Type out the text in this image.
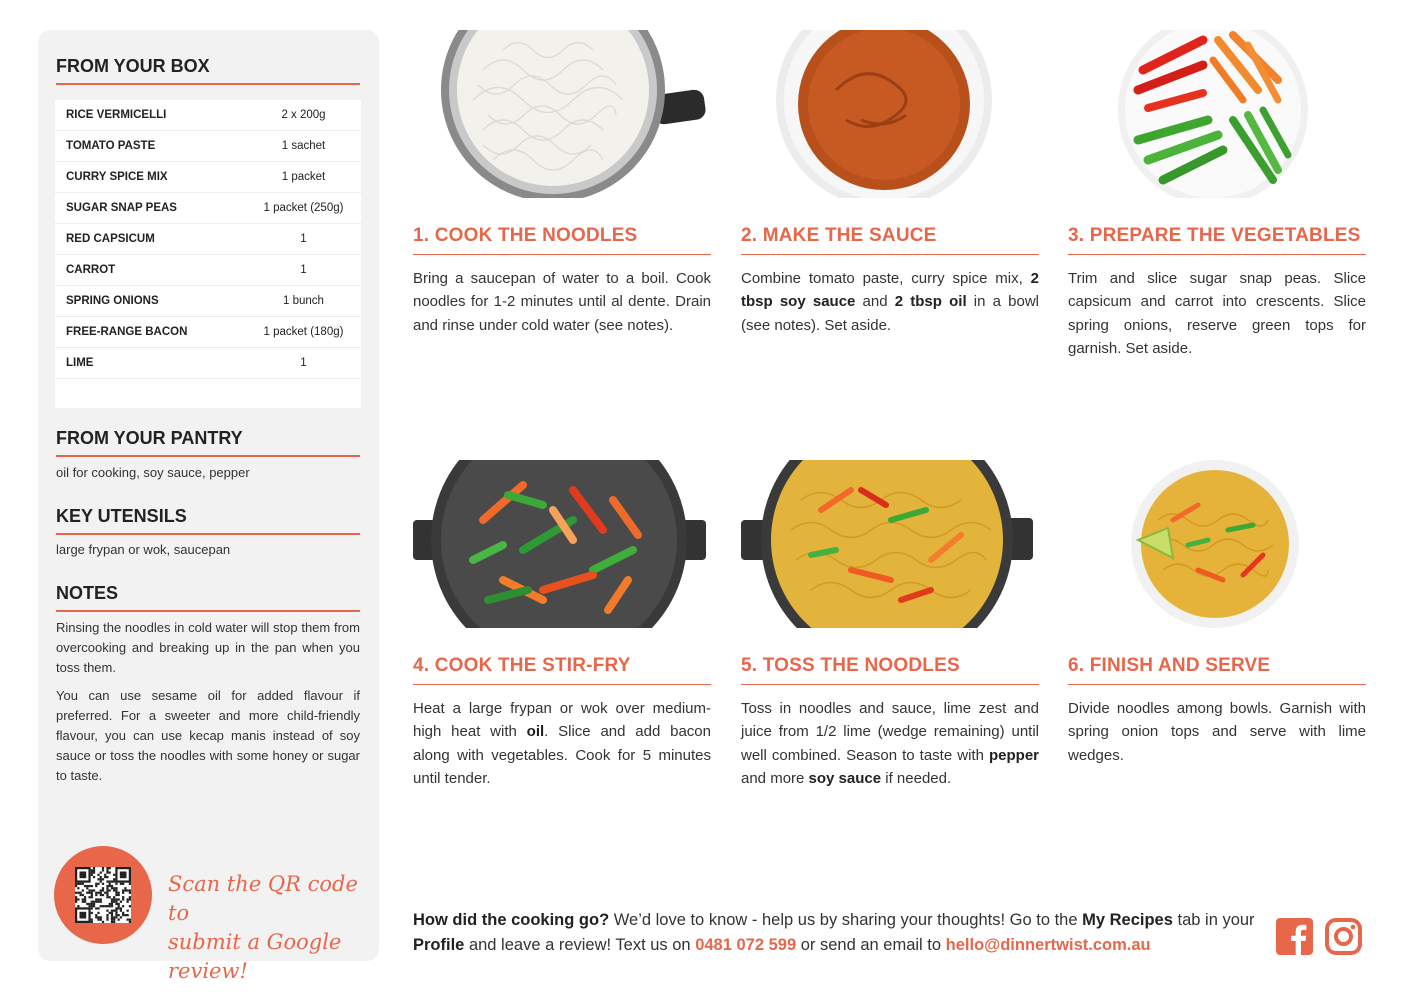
FROM YOUR BOX
RICE VERMICELLI	2 x 200g
TOMATO PASTE	1 sachet
CURRY SPICE MIX	1 packet
SUGAR SNAP PEAS	1 packet (250g)
RED CAPSICUM	1
CARROT	1
SPRING ONIONS	1 bunch
FREE-RANGE BACON	1 packet (180g)
LIME	1
FROM YOUR PANTRY
oil for cooking, soy sauce, pepper
KEY UTENSILS
large frypan or wok, saucepan
NOTES
Rinsing the noodles in cold water will stop them from overcooking and breaking up in the pan when you toss them.
You can use sesame oil for added flavour if preferred. For a sweeter and more child-friendly flavour, you can use kecap manis instead of soy sauce or toss the noodles with some honey or sugar to taste.
Scan the QR code to
submit a Google review!
1. COOK THE NOODLES
Bring a saucepan of water to a boil. Cook noodles for 1-2 minutes until al dente. Drain and rinse under cold water (see notes).
2. MAKE THE SAUCE
Combine tomato paste, curry spice mix, 2 tbsp soy sauce and 2 tbsp oil in a bowl (see notes). Set aside.
3. PREPARE THE VEGETABLES
Trim and slice sugar snap peas. Slice capsicum and carrot into crescents. Slice spring onions, reserve green tops for garnish. Set aside.
4. COOK THE STIR-FRY
Heat a large frypan or wok over medium-high heat with oil. Slice and add bacon along with vegetables. Cook for 5 minutes until tender.
5. TOSS THE NOODLES
Toss in noodles and sauce, lime zest and juice from 1/2 lime (wedge remaining) until well combined. Season to taste with pepper and more soy sauce if needed.
6. FINISH AND SERVE
Divide noodles among bowls. Garnish with spring onion tops and serve with lime wedges.
How did the cooking go? We’d love to know - help us by sharing your thoughts! Go to the My Recipes tab in your Profile and leave a review! Text us on 0481 072 599 or send an email to hello@dinnertwist.com.au
